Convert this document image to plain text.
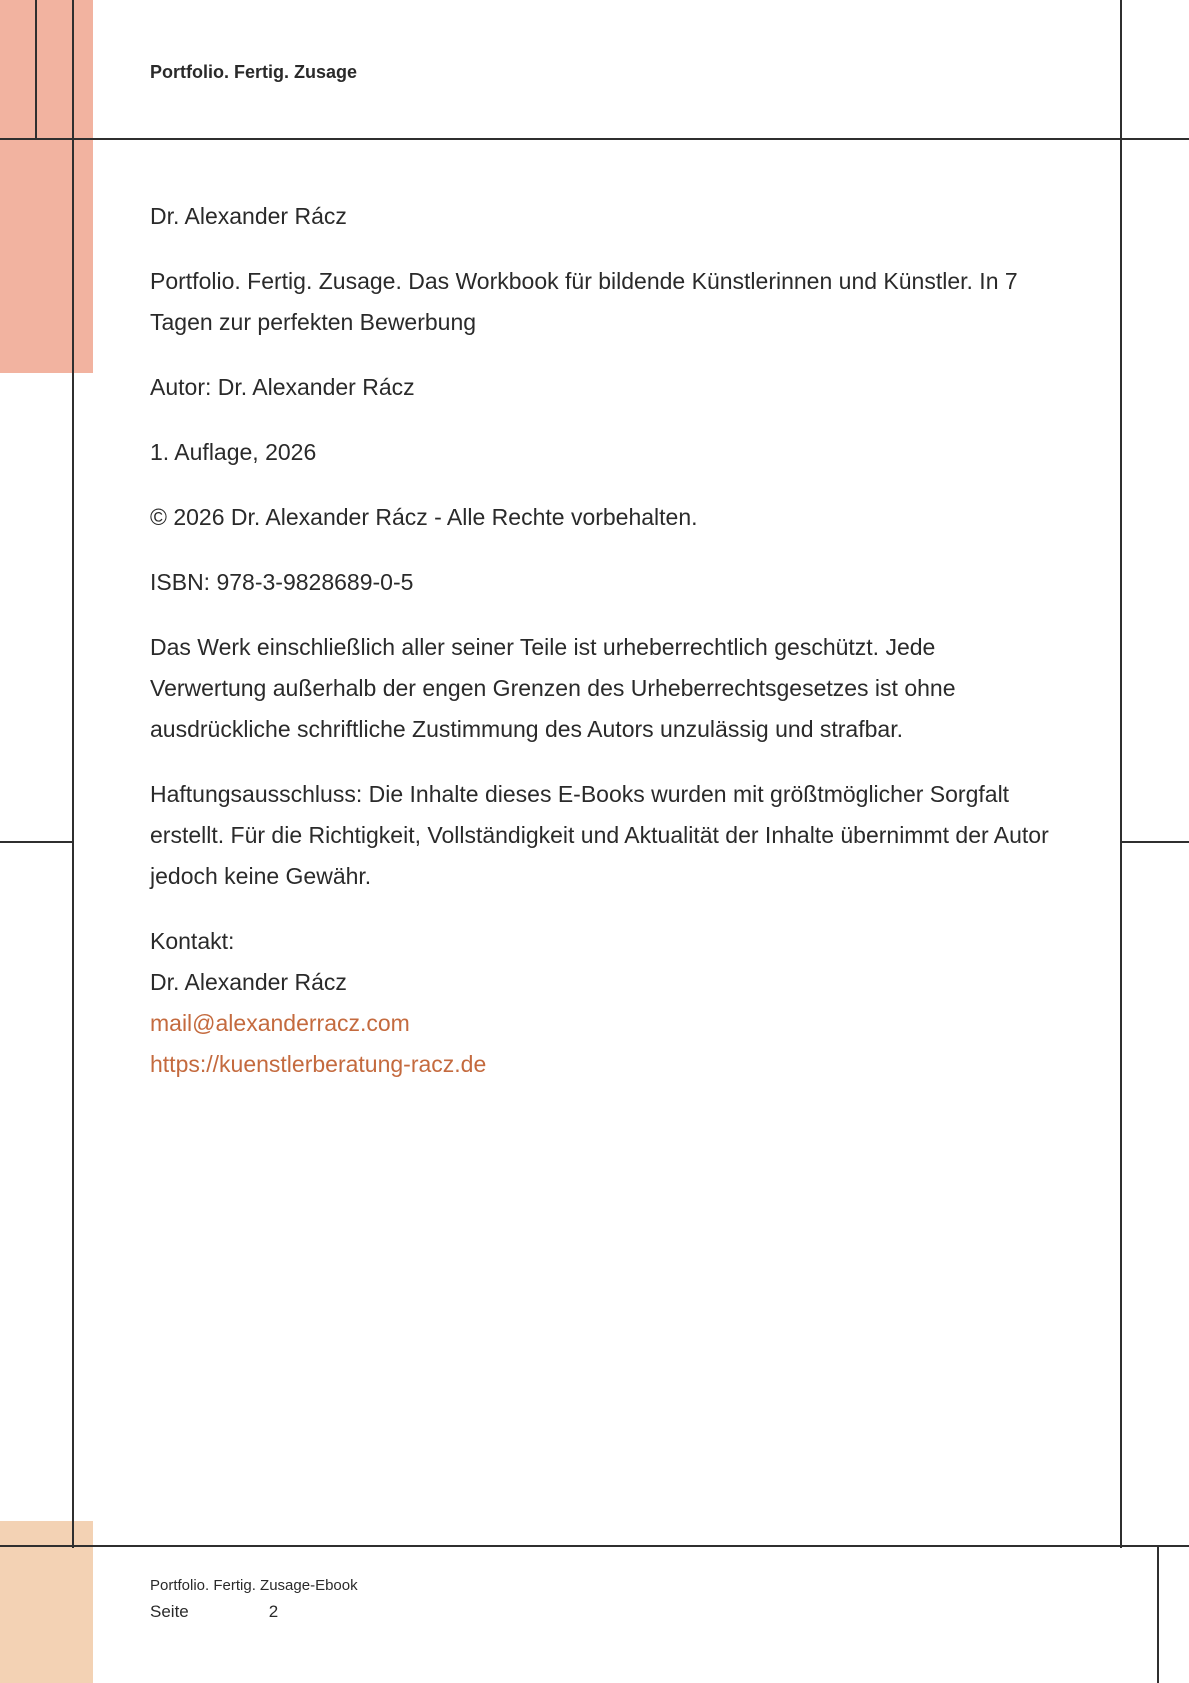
Portfolio. Fertig. Zusage

Dr. Alexander Rácz

Portfolio. Fertig. Zusage. Das Workbook für bildende Künstlerinnen und Künstler. In 7 Tagen zur perfekten Bewerbung

Autor: Dr. Alexander Rácz

1. Auflage, 2026

© 2026 Dr. Alexander Rácz - Alle Rechte vorbehalten.

ISBN: 978-3-9828689-0-5

Das Werk einschließlich aller seiner Teile ist urheberrechtlich geschützt. Jede Verwertung außerhalb der engen Grenzen des Urheberrechtsgesetzes ist ohne ausdrückliche schriftliche Zustimmung des Autors unzulässig und strafbar.

Haftungsausschluss: Die Inhalte dieses E-Books wurden mit größtmöglicher Sorgfalt erstellt. Für die Richtigkeit, Vollständigkeit und Aktualität der Inhalte übernimmt der Autor jedoch keine Gewähr.

Kontakt:
Dr. Alexander Rácz
mail@alexanderracz.com
https://kuenstlerberatung-racz.de
Portfolio. Fertig. Zusage-Ebook
Seite	2
